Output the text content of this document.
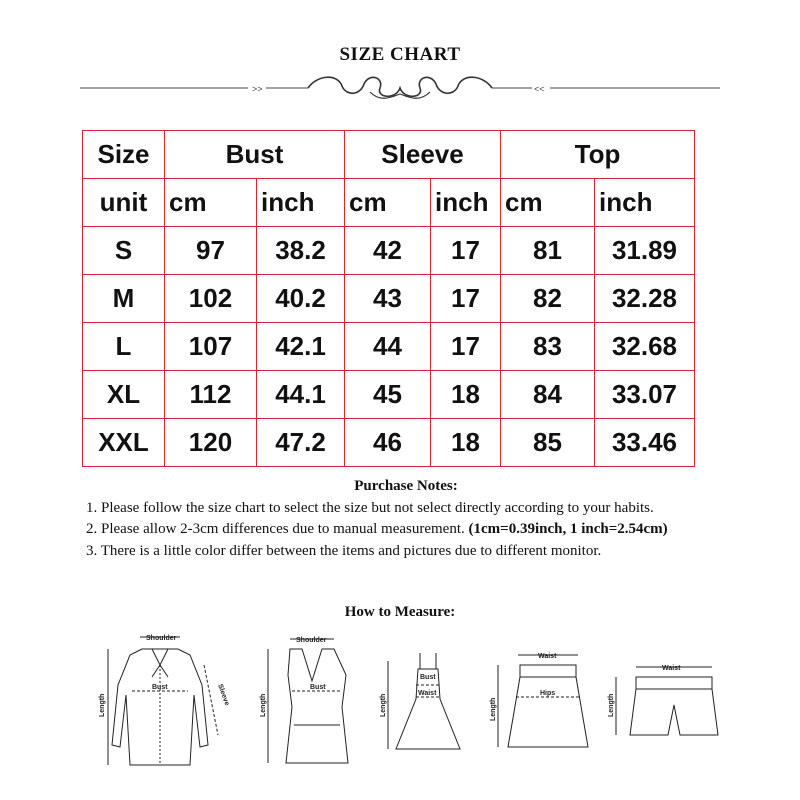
SIZE CHART
>>	<<
Size	Bust		Sleeve		Top	
unit	cm	inch	cm	inch	cm	inch
S	97	38.2	42	17	81	31.89
M	102	40.2	43	17	82	32.28
L	107	42.1	44	17	83	32.68
XL	112	44.1	45	18	84	33.07
XXL	120	47.2	46	18	85	33.46

Purchase Notes:

1. Please follow the size chart to select the size but not select directly according to your habits.

2. Please allow 2-3cm differences due to manual measurement. (1cm=0.39inch, 1 inch=2.54cm)

3. There is a little color differ between the items and pictures due to different monitor.

How to Measure:
Shoulder
Bust
Length	Sleeve
Shoulder
Bust
Length
Bust
Waist
Length
Waist
Hips
Length
Waist
Length
